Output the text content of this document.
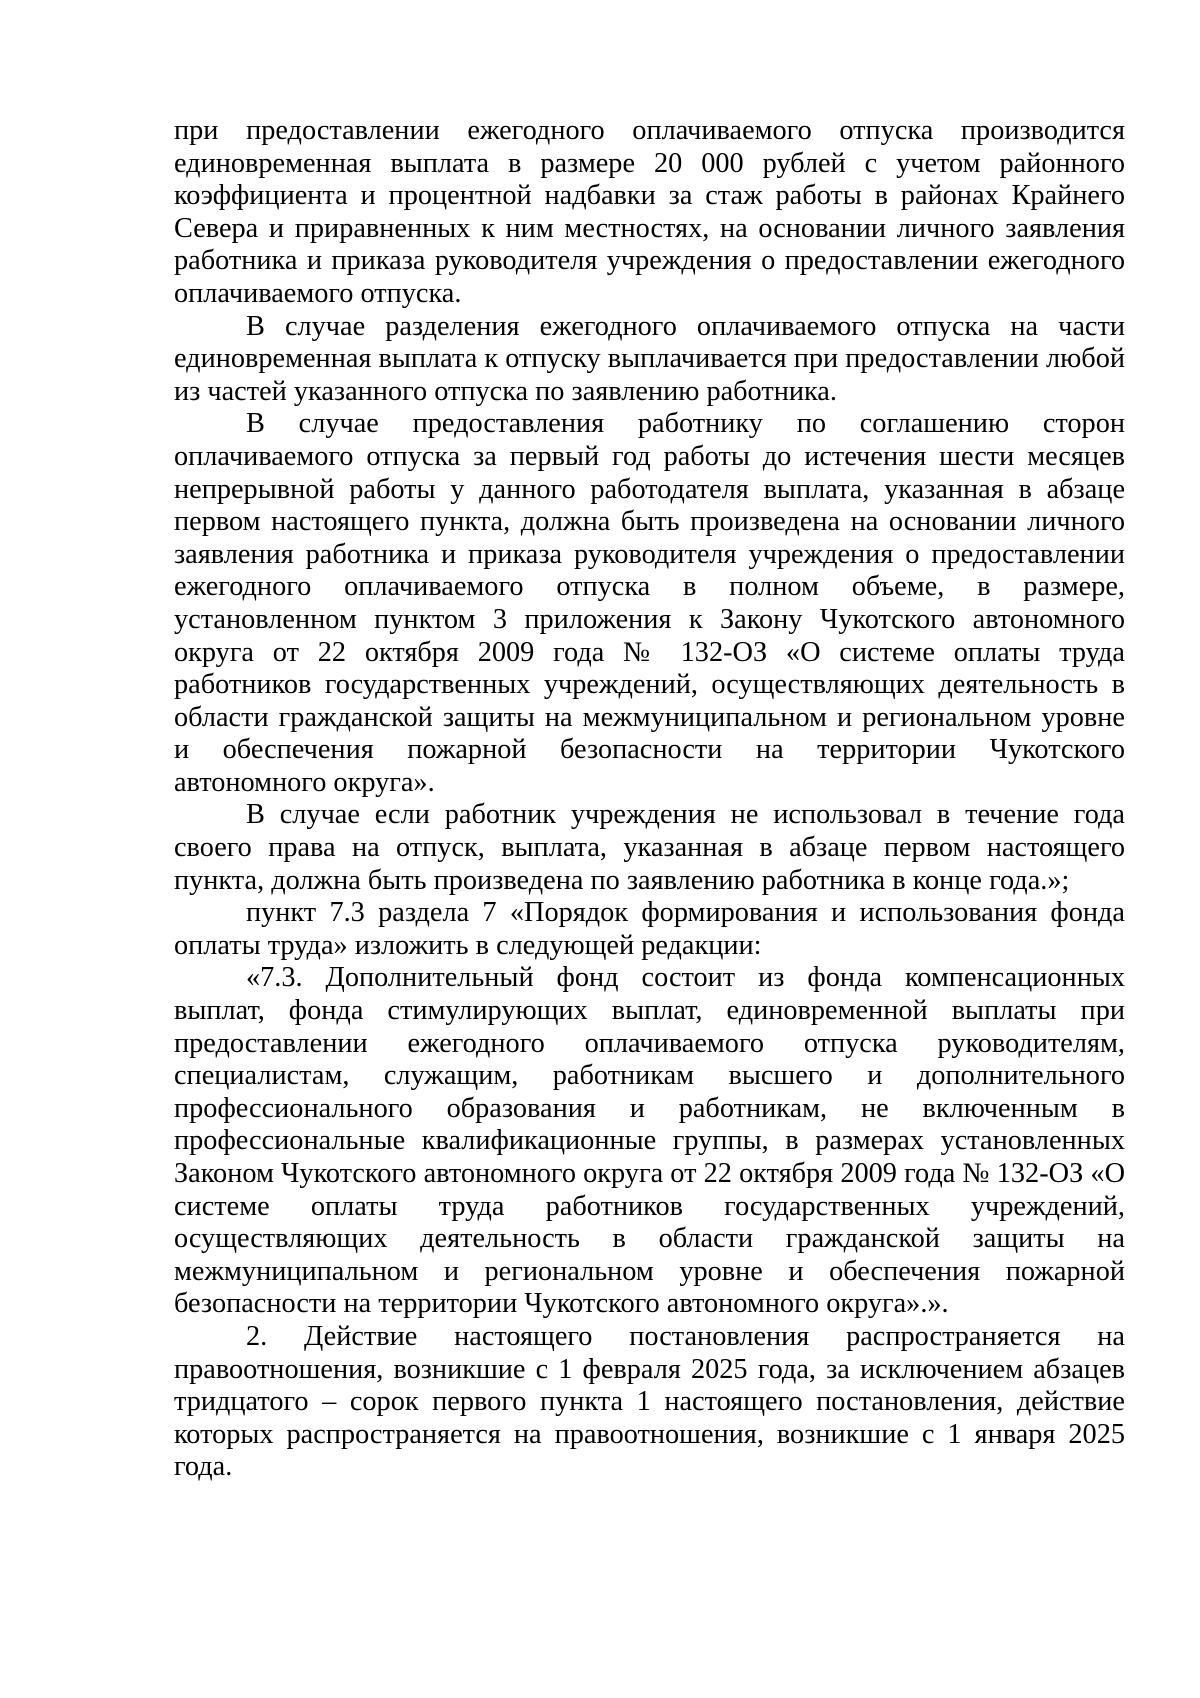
при предоставлении ежегодного оплачиваемого отпуска производится единовременная выплата в размере 20 000 рублей с учетом районного коэффициента и процентной надбавки за стаж работы в районах Крайнего Севера и приравненных к ним местностях, на основании личного заявления работника и приказа руководителя учреждения о предоставлении ежегодного оплачиваемого отпуска.

В случае разделения ежегодного оплачиваемого отпуска на части единовременная выплата к отпуску выплачивается при предоставлении любой из частей указанного отпуска по заявлению работника.

В случае предоставления работнику по соглашению сторон оплачиваемого отпуска за первый год работы до истечения шести месяцев непрерывной работы у данного работодателя выплата, указанная в абзаце первом настоящего пункта, должна быть произведена на основании личного заявления работника и приказа руководителя учреждения о предоставлении ежегодного оплачиваемого отпуска в полном объеме, в размере, установленном пунктом 3 приложения к Закону Чукотского автономного округа от 22 октября 2009 года № 132-ОЗ «О системе оплаты труда работников государственных учреждений, осуществляющих деятельность в области гражданской защиты на межмуниципальном и региональном уровне и обеспечения пожарной безопасности на территории Чукотского автономного округа».

В случае если работник учреждения не использовал в течение года своего права на отпуск, выплата, указанная в абзаце первом настоящего пункта, должна быть произведена по заявлению работника в конце года.»;

пункт 7.3 раздела 7 «Порядок формирования и использования фонда оплаты труда» изложить в следующей редакции:

«7.3. Дополнительный фонд состоит из фонда компенсационных выплат, фонда стимулирующих выплат, единовременной выплаты при предоставлении ежегодного оплачиваемого отпуска руководителям, специалистам, служащим, работникам высшего и дополнительного профессионального образования и работникам, не включенным в профессиональные квалификационные группы, в размерах установленных Законом Чукотского автономного округа от 22 октября 2009 года № 132-ОЗ «О системе оплаты труда работников государственных учреждений, осуществляющих деятельность в области гражданской защиты на межмуниципальном и региональном уровне и обеспечения пожарной безопасности на территории Чукотского автономного округа».».

2. Действие настоящего постановления распространяется на правоотношения, возникшие с 1 февраля 2025 года, за исключением абзацев тридцатого – сорок первого пункта 1 настоящего постановления, действие которых распространяется на правоотношения, возникшие с 1 января 2025 года.
